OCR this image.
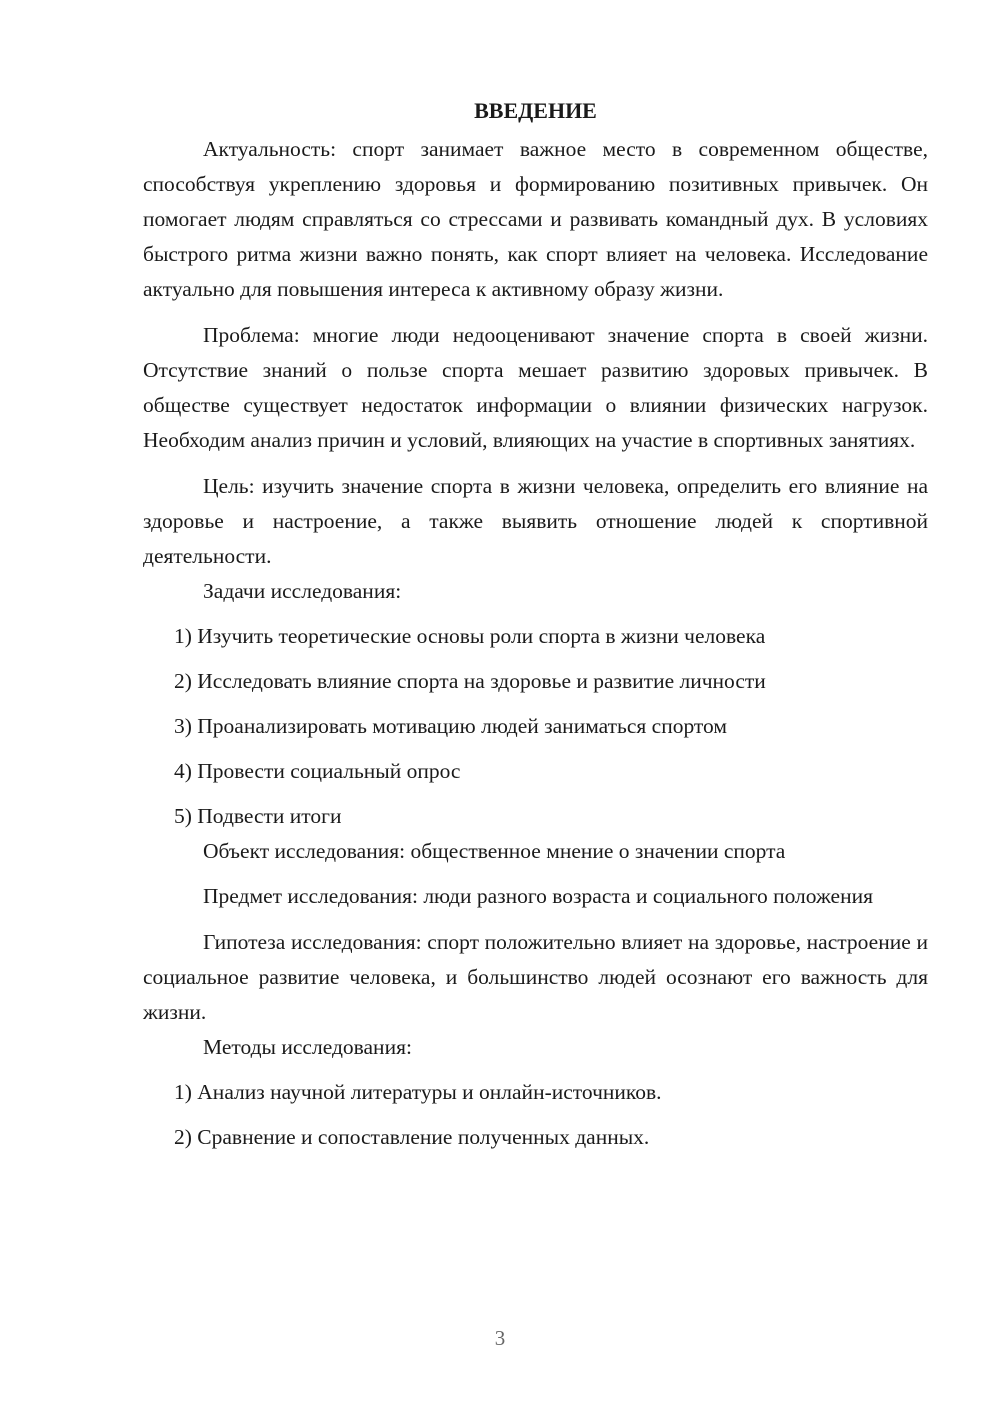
ВВЕДЕНИЕ

Актуальность: спорт занимает важное место в современном обществе, способствуя укреплению здоровья и формированию позитивных привычек. Он помогает людям справляться со стрессами и развивать командный дух. В условиях быстрого ритма жизни важно понять, как спорт влияет на человека. Исследование актуально для повышения интереса к активному образу жизни.

Проблема: многие люди недооценивают значение спорта в своей жизни. Отсутствие знаний о пользе спорта мешает развитию здоровых привычек. В обществе существует недостаток информации о влиянии физических нагрузок. Необходим анализ причин и условий, влияющих на участие в спортивных занятиях.

Цель: изучить значение спорта в жизни человека, определить его влияние на здоровье и настроение, а также выявить отношение людей к спортивной деятельности.

Задачи исследования:

1) Изучить теоретические основы роли спорта в жизни человека
2) Исследовать влияние спорта на здоровье и развитие личности
3) Проанализировать мотивацию людей заниматься спортом
4) Провести социальный опрос
5) Подвести итоги

Объект исследования: общественное мнение о значении спорта

Предмет исследования: люди разного возраста и социального положения

Гипотеза исследования: спорт положительно влияет на здоровье, настроение и социальное развитие человека, и большинство людей осознают его важность для жизни.

Методы исследования:

1) Анализ научной литературы и онлайн-источников.
2) Сравнение и сопоставление полученных данных.
3
